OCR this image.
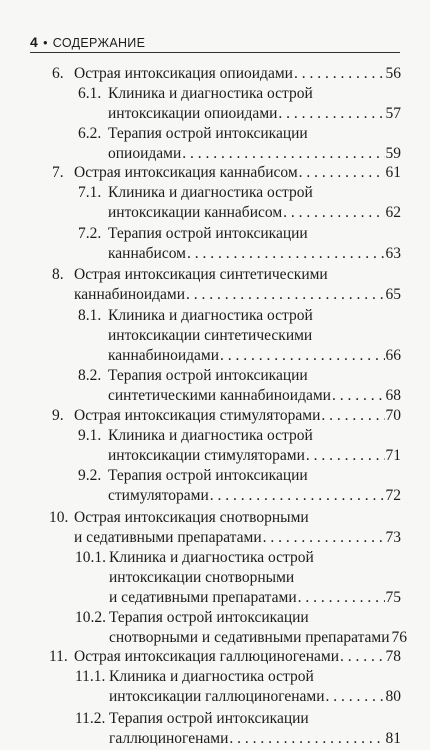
4 • СОДЕРЖАНИЕ
6. Острая интоксикация опиоидами . . .	56
6.1. Клиника и диагностика острой
интоксикации опиоидами . . .	57
6.2. Терапия острой интоксикации
опиоидами . . .	59
7. Острая интоксикация каннабисом . . .	61
7.1. Клиника и диагностика острой
интоксикации каннабисом . . .	62
7.2. Терапия острой интоксикации
каннабисом . . .	63
8. Острая интоксикация синтетическими
каннабиноидами . . .	65
8.1. Клиника и диагностика острой
интоксикации синтетическими
каннабиноидами . . .	66
8.2. Терапия острой интоксикации
синтетическими каннабиноидами . . .	68
9. Острая интоксикация стимуляторами . . .	70
9.1. Клиника и диагностика острой
интоксикации стимуляторами . . .	71
9.2. Терапия острой интоксикации
стимуляторами . . .	72
10. Острая интоксикация снотворными
и седативными препаратами . . .	73
10.1. Клиника и диагностика острой
интоксикации снотворными
и седативными препаратами . . .	75
10.2. Терапия острой интоксикации
снотворными и седативными препаратами 76
11. Острая интоксикация галлюциногенами . . .	78
11.1. Клиника и диагностика острой
интоксикации галлюциногенами . . .	80
11.2. Терапия острой интоксикации
галлюциногенами . . .	81
